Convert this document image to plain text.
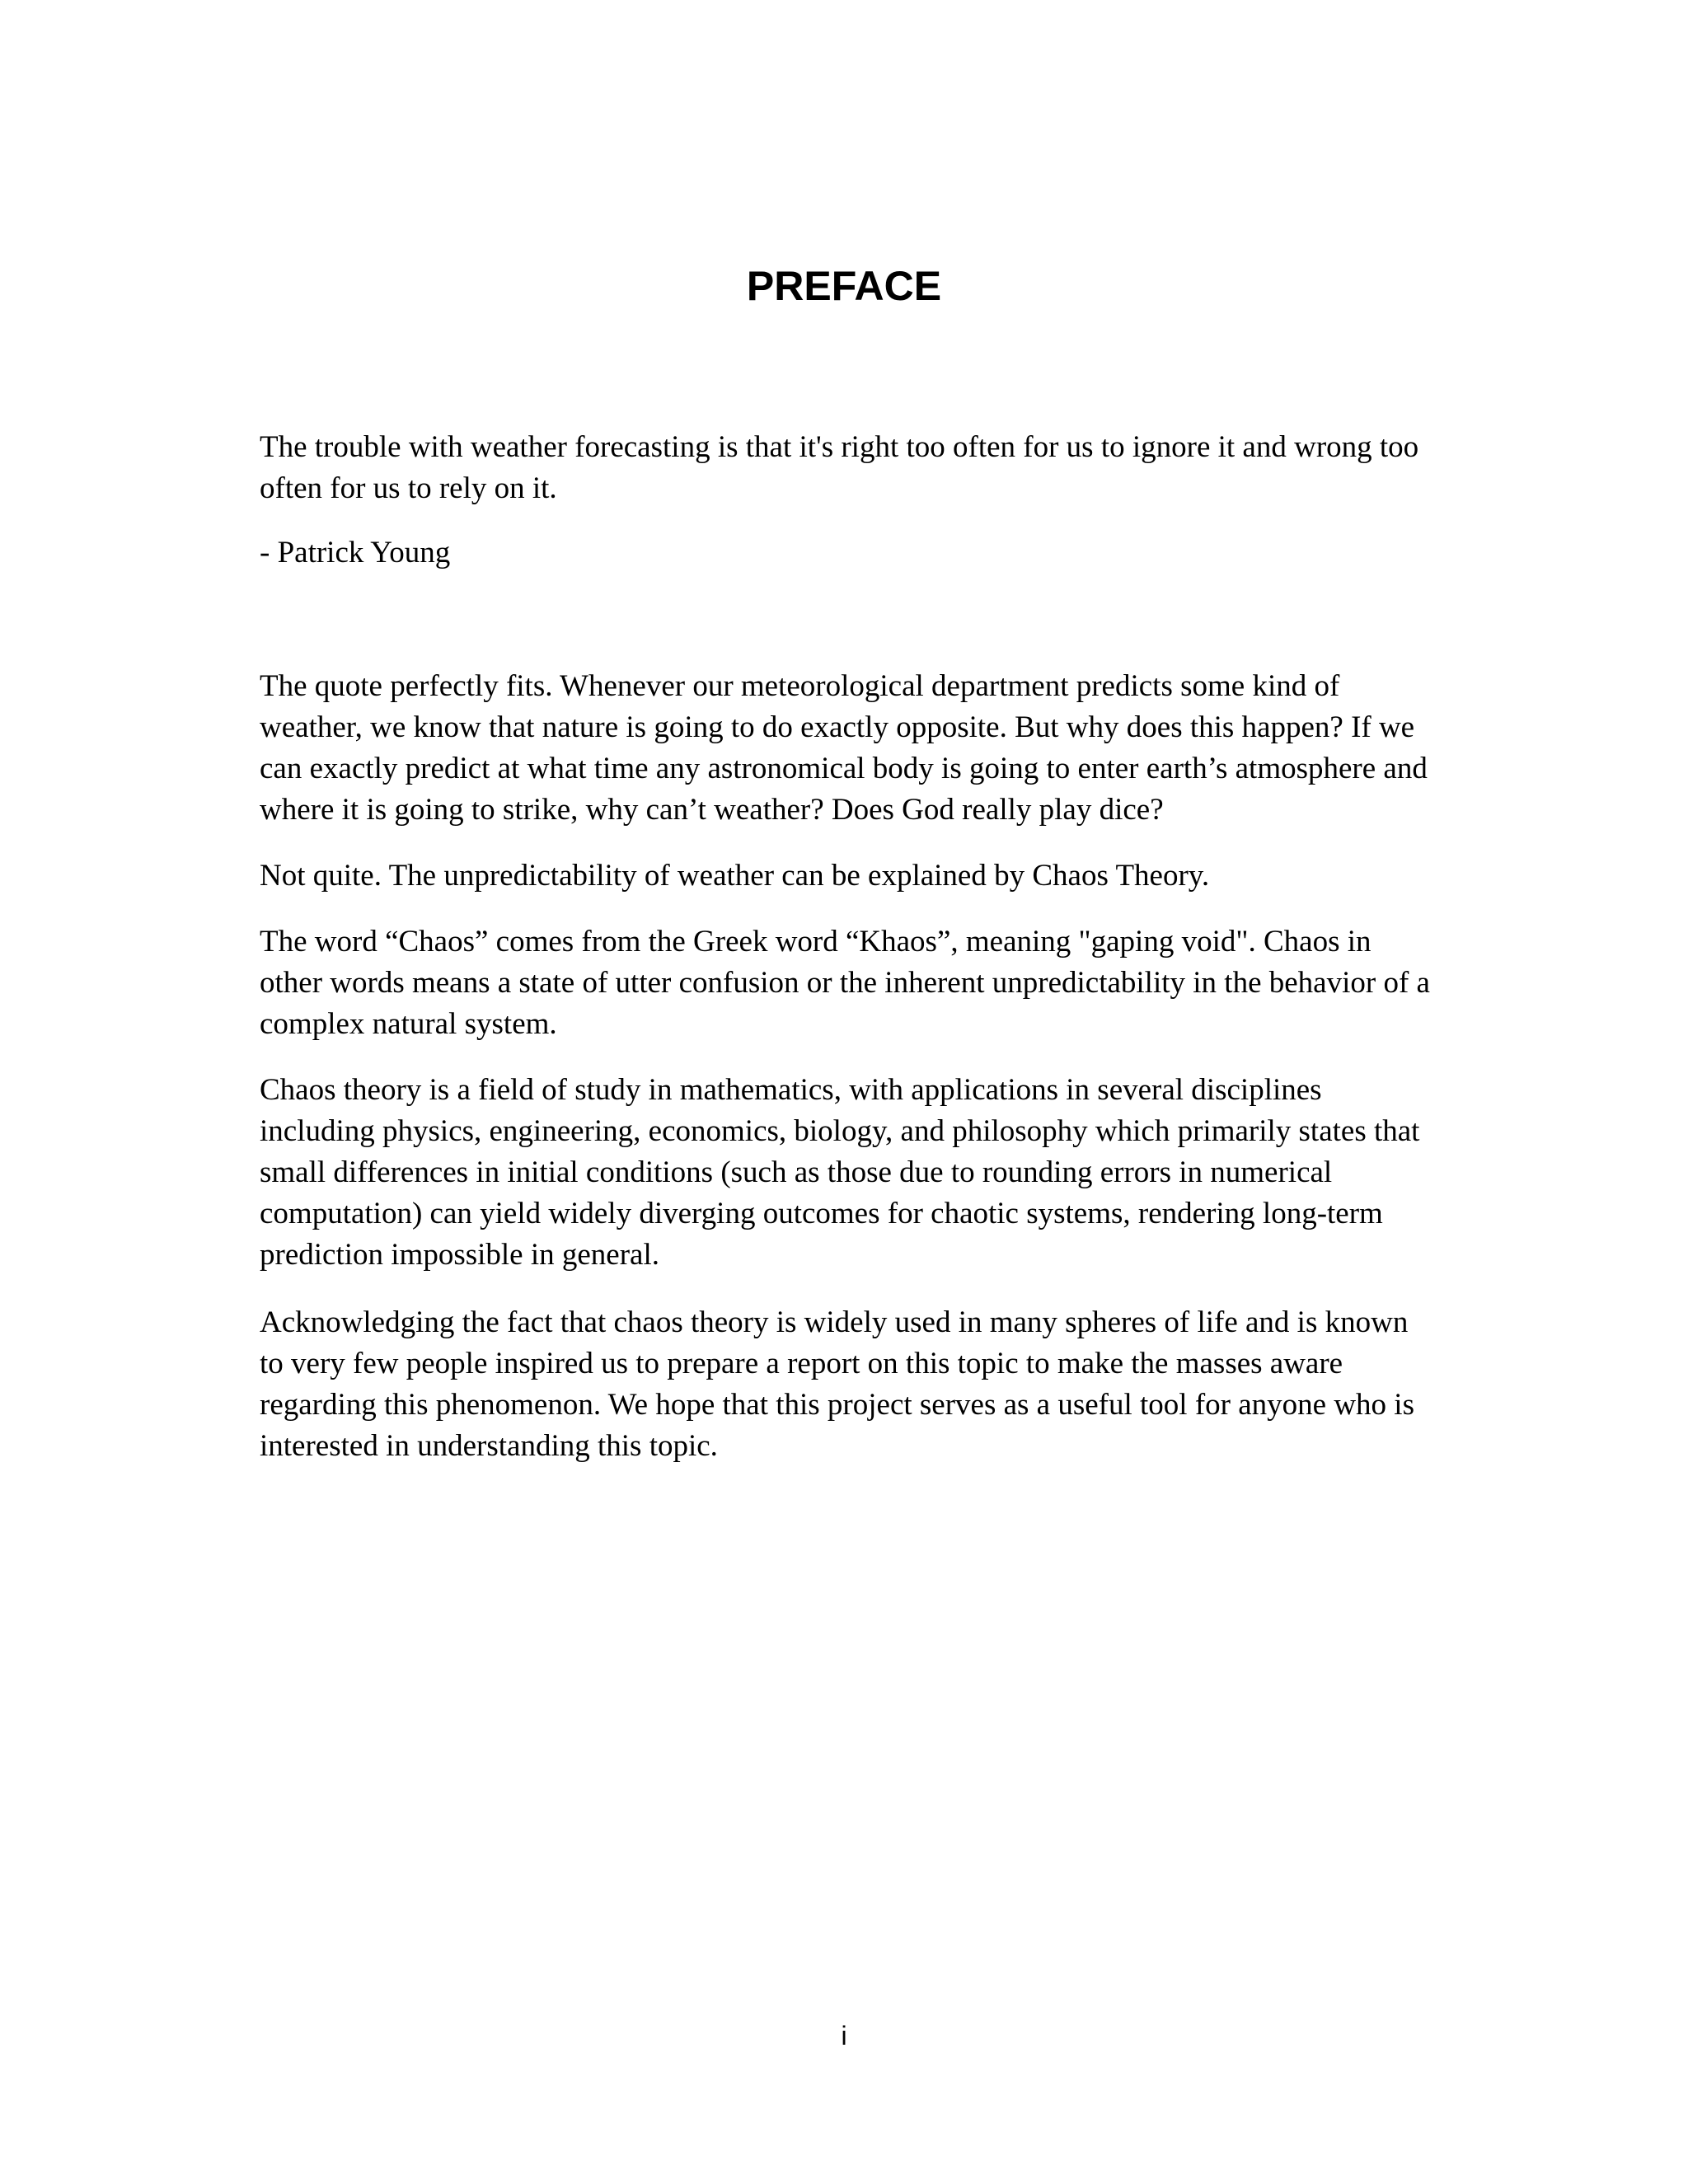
PREFACE

The trouble with weather forecasting is that it's right too often for us to ignore it and wrong too often for us to rely on it.

- Patrick Young

The quote perfectly fits. Whenever our meteorological department predicts some kind of weather, we know that nature is going to do exactly opposite. But why does this happen? If we can exactly predict at what time any astronomical body is going to enter earth’s atmosphere and where it is going to strike, why can’t weather? Does God really play dice?

Not quite. The unpredictability of weather can be explained by Chaos Theory.

The word “Chaos” comes from the Greek word “Khaos”, meaning "gaping void". Chaos in other words means a state of utter confusion or the inherent unpredictability in the behavior of a complex natural system.

Chaos theory is a field of study in mathematics, with applications in several disciplines including physics, engineering, economics, biology, and philosophy which primarily states that small differences in initial conditions (such as those due to rounding errors in numerical computation) can yield widely diverging outcomes for chaotic systems, rendering long-term prediction impossible in general.

Acknowledging the fact that chaos theory is widely used in many spheres of life and is known to very few people inspired us to prepare a report on this topic to make the masses aware regarding this phenomenon. We hope that this project serves as a useful tool for anyone who is interested in understanding this topic.

i
